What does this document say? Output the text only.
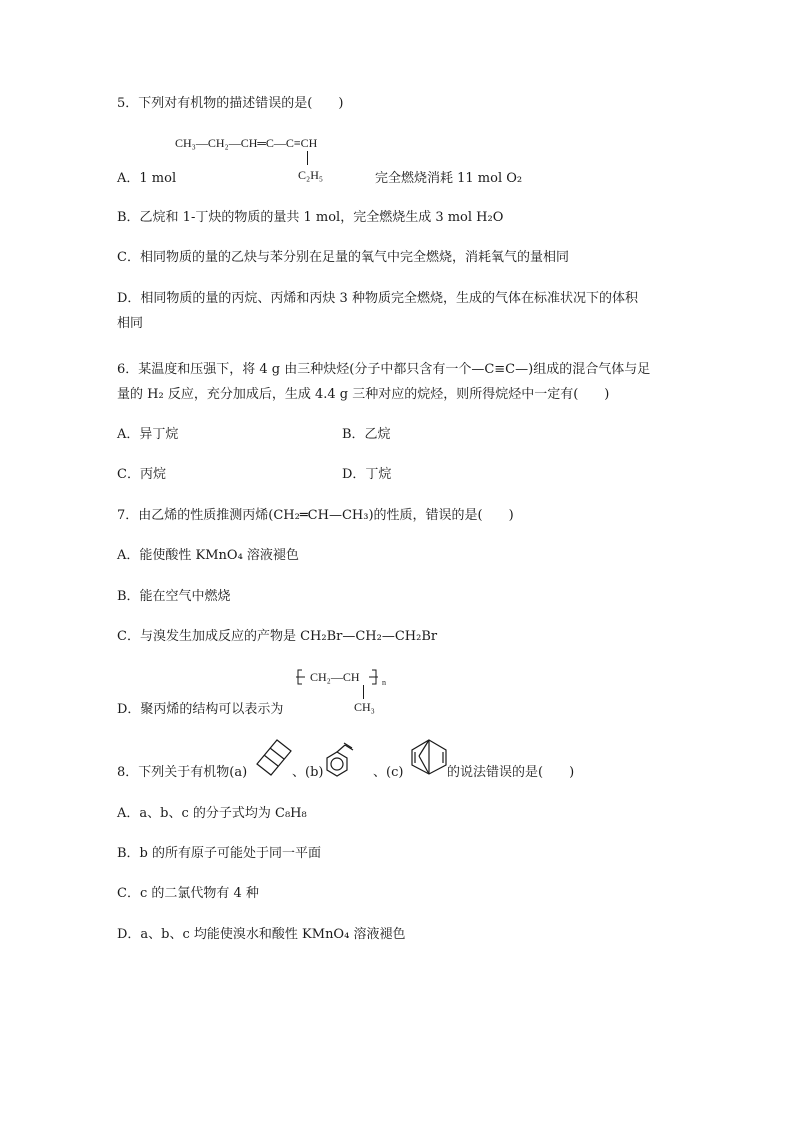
5．下列对有机物的描述错误的是(　　)
CH₃—CH₂—CH═C—C≡CH
C₂H₅
A．1 mol	完全燃烧消耗 11 mol O₂
B．乙烷和 1-丁炔的物质的量共 1 mol，完全燃烧生成 3 mol H₂O
C．相同物质的量的乙炔与苯分别在足量的氧气中完全燃烧，消耗氧气的量相同
D．相同物质的量的丙烷、丙烯和丙炔 3 种物质完全燃烧，生成的气体在标准状况下的体积
相同
6．某温度和压强下，将 4 g 由三种炔烃(分子中都只含有一个—C≡C—)组成的混合气体与足
量的 H₂ 反应，充分加成后，生成 4.4 g 三种对应的烷烃，则所得烷烃中一定有(　　)
A．异丁烷	B．乙烷
C．丙烷	D．丁烷
7．由乙烯的性质推测丙烯(CH₂═CH—CH₃)的性质，错误的是(　　)
A．能使酸性 KMnO₄ 溶液褪色
B．能在空气中燃烧
C．与溴发生加成反应的产物是 CH₂Br—CH₂—CH₂Br
CH₂—CH	n
CH₃
D．聚丙烯的结构可以表示为
8．下列关于有机物(a)	、(b)	、(c)	的说法错误的是(　　)
A．a、b、c 的分子式均为 C₈H₈
B．b 的所有原子可能处于同一平面
C．c 的二氯代物有 4 种
D．a、b、c 均能使溴水和酸性 KMnO₄ 溶液褪色
